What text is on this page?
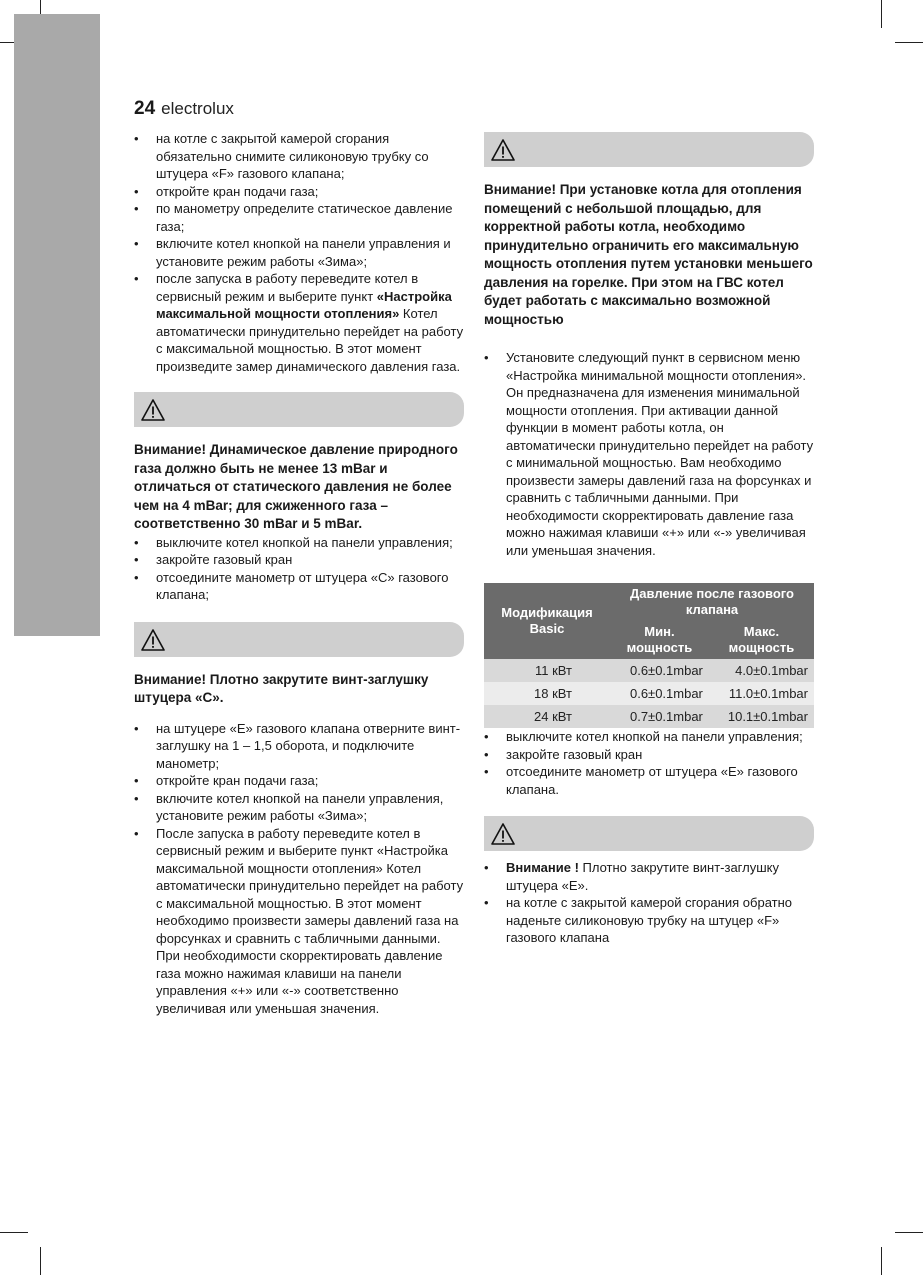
24 electrolux
• на котле с закрытой камерой сгорания обязательно снимите силиконовую трубку со штуцера «F» газового клапана;
• откройте кран подачи газа;
• по манометру определите статическое давление газа;
• включите котел кнопкой на панели управления и установите режим работы «Зима»;
• после запуска в работу переведите котел в сервисный режим и выберите пункт «Настройка максимальной мощности отопления» Котел автоматически принудительно перейдет на работу с максимальной мощностью. В этот момент произведите замер динамического давления газа.
Внимание! Динамическое давление природного газа должно быть не менее 13 mBar и отличаться от статического давления не более чем на 4 mBar; для сжиженного газа – соответственно 30 mBar и 5 mBar.
• выключите котел кнопкой на панели управления;
• закройте газовый кран
• отсоедините манометр от штуцера «С» газового клапана;
Внимание! Плотно закрутите винт-заглушку штуцера «С».
• на штуцере «Е» газового клапана отверните винт-заглушку на 1 – 1,5 оборота, и подключите манометр;
• откройте кран подачи газа;
• включите котел кнопкой на панели управления, установите режим работы «Зима»;
• После запуска в работу переведите котел в сервисный режим и выберите пункт «Настройка максимальной мощности отопления» Котел автоматически принудительно перейдет на работу с максимальной мощностью. В этот момент необходимо произвести замеры давлений газа на форсунках и сравнить с табличными данными. При необходимости скорректировать давление газа можно нажимая клавиши на панели управления «+» или «-» соответственно увеличивая или уменьшая значения.
Внимание! При установке котла для отопления помещений с небольшой площадью, для корректной работы котла, необходимо принудительно ограничить его максимальную мощность отопления путем установки меньшего давления на горелке. При этом на ГВС котел будет работать с максимально возможной мощностью
• Установите следующий пункт в сервисном меню «Настройка минимальной мощности отопления». Он предназначена для изменения минимальной мощности отопления. При активации данной функции в момент работы котла, он автоматически принудительно перейдет на работу с минимальной мощностью. Вам необходимо произвести замеры давлений газа на форсунках и сравнить с табличными данными. При необходимости скорректировать давление газа можно нажимая клавиши «+» или «-» увеличивая или уменьшая значения.
Модификация Basic	Давление после газового клапана	
	Мин. мощность	Макс. мощность
11 кВт	0.6±0.1mbar	4.0±0.1mbar
18 кВт	0.6±0.1mbar	11.0±0.1mbar
24 кВт	0.7±0.1mbar	10.1±0.1mbar
• выключите котел кнопкой на панели управления;
• закройте газовый кран
• отсоедините манометр от штуцера «Е» газового клапана.
• Внимание ! Плотно закрутите винт-заглушку штуцера «Е».
• на котле с закрытой камерой сгорания обратно наденьте силиконовую трубку на штуцер «F» газового клапана
